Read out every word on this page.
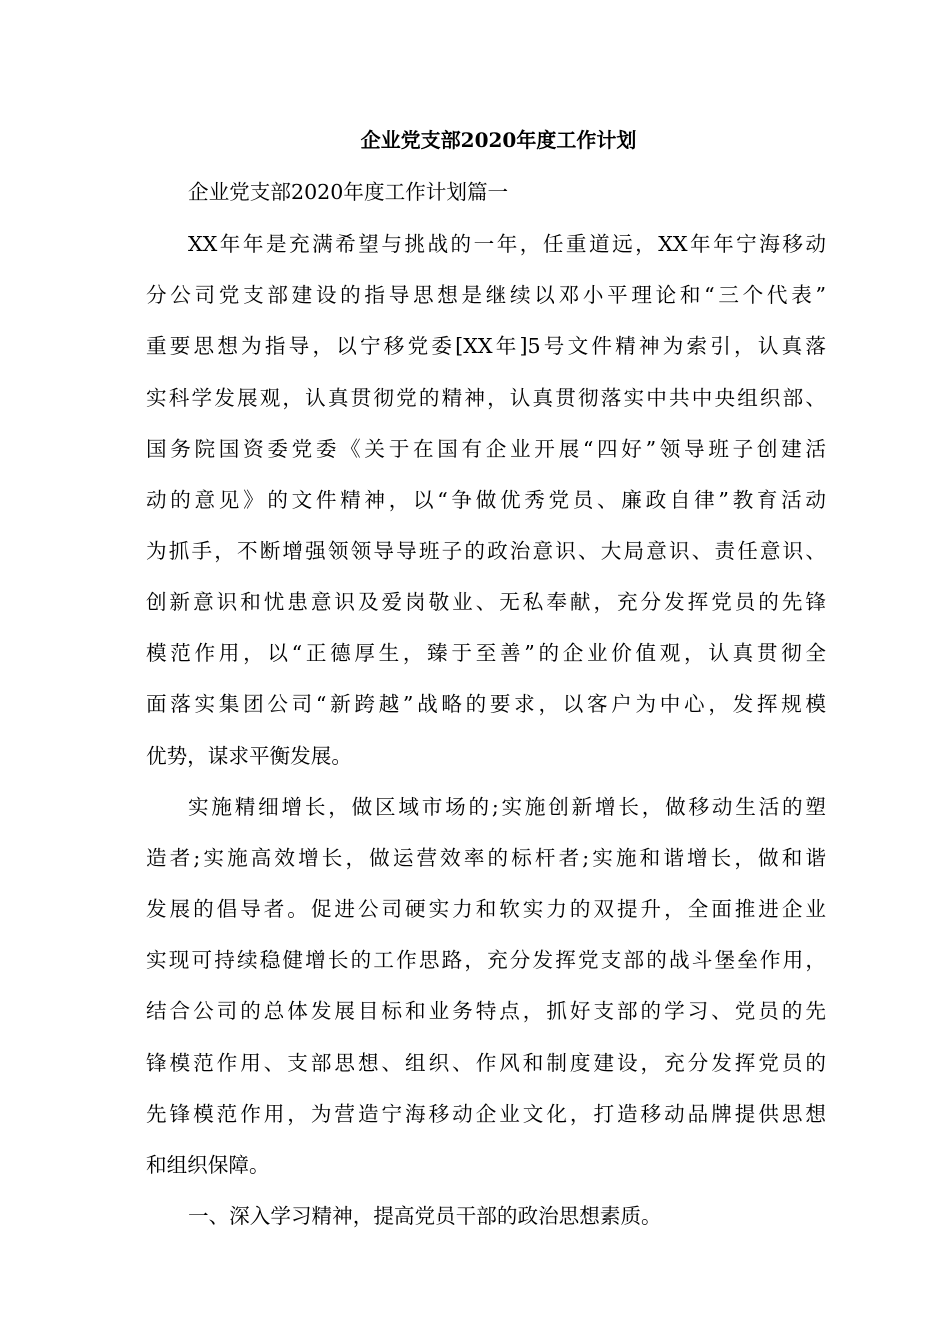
企业党支部2020年度工作计划

企业党支部2020年度工作计划篇一

XX年年是充满希望与挑战的一年，任重道远，XX年年宁海移动

分公司党支部建设的指导思想是继续以邓小平理论和“三个代表”

重要思想为指导，以宁移党委[XX年]5号文件精神为索引，认真落

实科学发展观，认真贯彻党的精神，认真贯彻落实中共中央组织部、

国务院国资委党委《关于在国有企业开展“四好”领导班子创建活

动的意见》的文件精神，以“争做优秀党员、廉政自律”教育活动

为抓手，不断增强领领导导班子的政治意识、大局意识、责任意识、

创新意识和忧患意识及爱岗敬业、无私奉献，充分发挥党员的先锋

模范作用，以“正德厚生，臻于至善”的企业价值观，认真贯彻全

面落实集团公司“新跨越”战略的要求，以客户为中心，发挥规模

优势，谋求平衡发展。

实施精细增长，做区域市场的;实施创新增长，做移动生活的塑

造者;实施高效增长，做运营效率的标杆者;实施和谐增长，做和谐

发展的倡导者。促进公司硬实力和软实力的双提升，全面推进企业

实现可持续稳健增长的工作思路，充分发挥党支部的战斗堡垒作用，

结合公司的总体发展目标和业务特点，抓好支部的学习、党员的先

锋模范作用、支部思想、组织、作风和制度建设，充分发挥党员的

先锋模范作用，为营造宁海移动企业文化，打造移动品牌提供思想

和组织保障。

一、深入学习精神，提高党员干部的政治思想素质。
